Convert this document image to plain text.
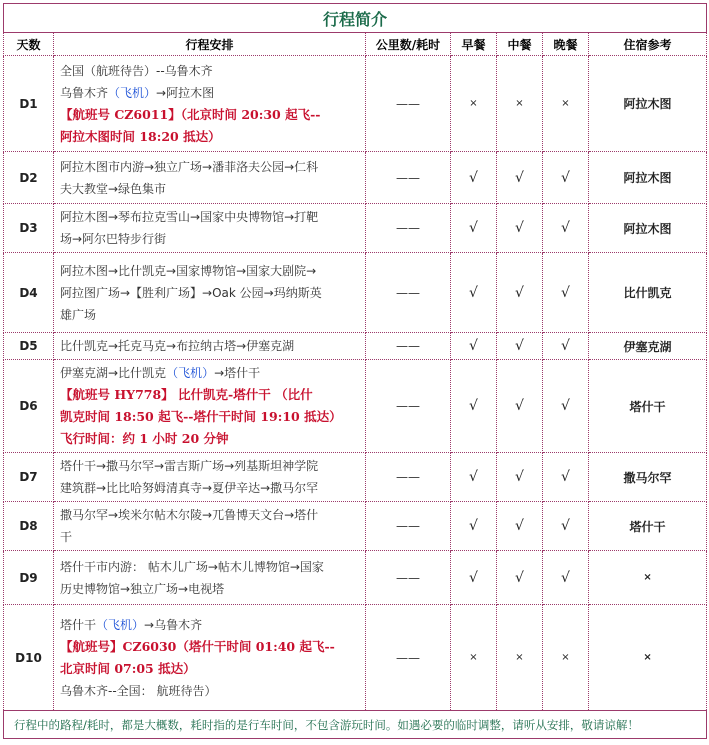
行程简介						
天数	行程安排	公里数/耗时	早餐	中餐	晚餐	住宿参考
D1	全国（航班待告）--乌鲁木齐
乌鲁木齐（飞机）→阿拉木图
【航班号 CZ6011】（北京时间 20:30 起飞--
阿拉木图时间 18:20 抵达）	——	×	×	×	阿拉木图
D2	阿拉木图市内游→独立广场→潘菲洛夫公园→仁科
夫大教堂→绿色集市	——	√	√	√	阿拉木图
D3	阿拉木图→琴布拉克雪山→国家中央博物馆→打靶
场→阿尔巴特步行街	——	√	√	√	阿拉木图
D4	阿拉木图→比什凯克→国家博物馆→国家大剧院→
阿拉图广场→【胜利广场】→Oak 公园→玛纳斯英
雄广场	——	√	√	√	比什凯克
D5	比什凯克→托克马克→布拉纳古塔→伊塞克湖	——	√	√	√	伊塞克湖
D6	伊塞克湖→比什凯克（飞机）→塔什干
【航班号 HY778】 比什凯克-塔什干 （比什
凯克时间 18:50 起飞--塔什干时间 19:10 抵达）
飞行时间：约 1 小时 20 分钟	——	√	√	√	塔什干
D7	塔什干→撒马尔罕→雷吉斯广场→列基斯坦神学院
建筑群→比比哈努姆清真寺→夏伊辛达→撒马尔罕	——	√	√	√	撒马尔罕
D8	撒马尔罕→埃米尔帖木尔陵→兀鲁博天文台→塔什
干	——	√	√	√	塔什干
D9	塔什干市内游： 帖木儿广场→帖木儿博物馆→国家
历史博物馆→独立广场→电视塔	——	√	√	√	×
D10	塔什干（飞机）→乌鲁木齐
【航班号】CZ6030（塔什干时间 01:40 起飞--
北京时间 07:05 抵达）
乌鲁木齐--全国： 航班待告）	——	×	×	×	×
行程中的路程/耗时，都是大概数，耗时指的是行车时间，不包含游玩时间。如遇必要的临时调整，请听从安排，敬请谅解！						
